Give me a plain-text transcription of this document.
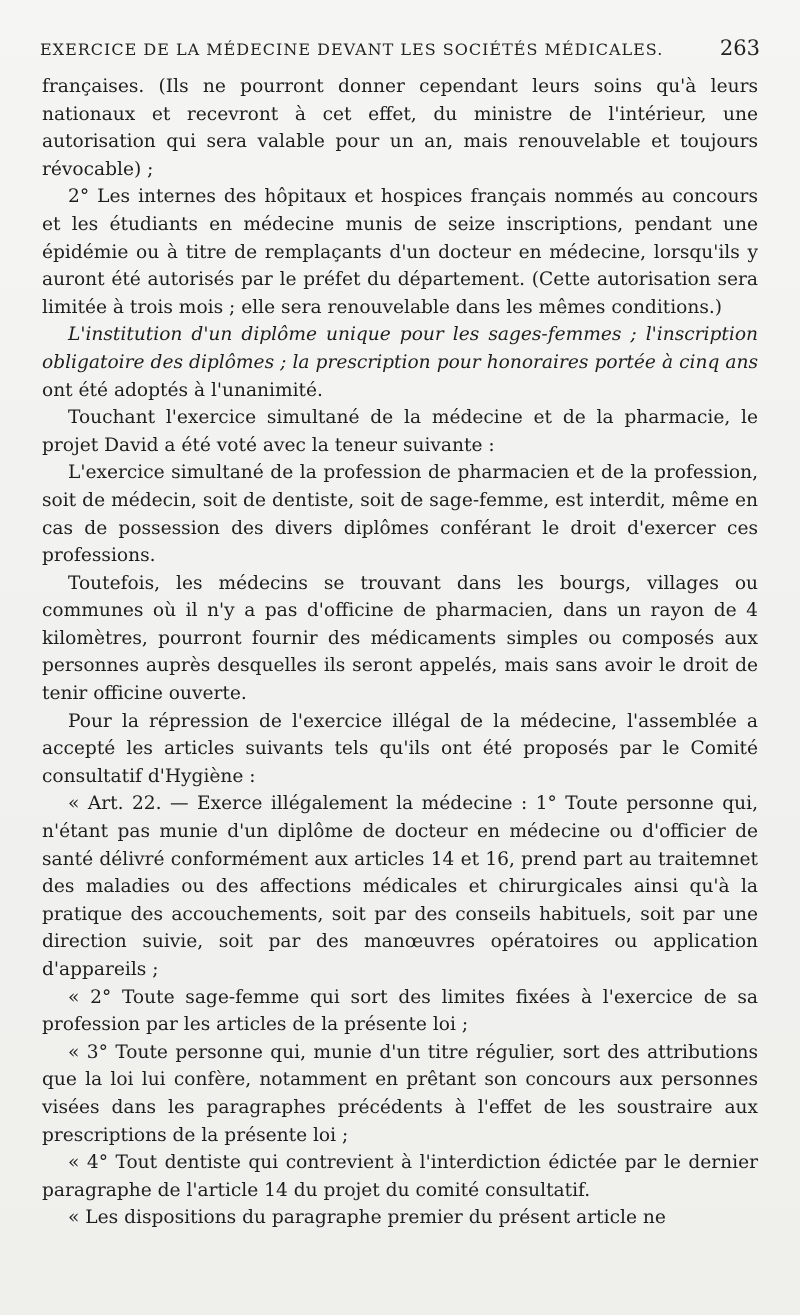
EXERCICE DE LA MÉDECINE DEVANT LES SOCIÉTÉS MÉDICALES.	263

françaises. (Ils ne pourront donner cependant leurs soins qu'à leurs nationaux et recevront à cet effet, du ministre de l'intérieur, une autorisation qui sera valable pour un an, mais renouvelable et toujours révocable) ;

2° Les internes des hôpitaux et hospices français nommés au concours et les étudiants en médecine munis de seize inscriptions, pendant une épidémie ou à titre de remplaçants d'un docteur en médecine, lorsqu'ils y auront été autorisés par le préfet du département. (Cette autorisation sera limitée à trois mois ; elle sera renouvelable dans les mêmes conditions.)

L'institution d'un diplôme unique pour les sages-femmes ; l'inscription obligatoire des diplômes ; la prescription pour honoraires portée à cinq ans ont été adoptés à l'unanimité.

Touchant l'exercice simultané de la médecine et de la pharmacie, le projet David a été voté avec la teneur suivante :

L'exercice simultané de la profession de pharmacien et de la profession, soit de médecin, soit de dentiste, soit de sage-femme, est interdit, même en cas de possession des divers diplômes conférant le droit d'exercer ces professions.

Toutefois, les médecins se trouvant dans les bourgs, villages ou communes où il n'y a pas d'officine de pharmacien, dans un rayon de 4 kilomètres, pourront fournir des médicaments simples ou composés aux personnes auprès desquelles ils seront appelés, mais sans avoir le droit de tenir officine ouverte.

Pour la répression de l'exercice illégal de la médecine, l'assemblée a accepté les articles suivants tels qu'ils ont été proposés par le Comité consultatif d'Hygiène :

« Art. 22. — Exerce illégalement la médecine : 1° Toute personne qui, n'étant pas munie d'un diplôme de docteur en médecine ou d'officier de santé délivré conformément aux articles 14 et 16, prend part au traitemnet des maladies ou des affections médicales et chirurgicales ainsi qu'à la pratique des accouchements, soit par des conseils habituels, soit par une direction suivie, soit par des manœuvres opératoires ou application d'appareils ;

« 2° Toute sage-femme qui sort des limites fixées à l'exercice de sa profession par les articles de la présente loi ;

« 3° Toute personne qui, munie d'un titre régulier, sort des attributions que la loi lui confère, notamment en prêtant son concours aux personnes visées dans les paragraphes précédents à l'effet de les soustraire aux prescriptions de la présente loi ;

« 4° Tout dentiste qui contrevient à l'interdiction édictée par le dernier paragraphe de l'article 14 du projet du comité consultatif.

« Les dispositions du paragraphe premier du présent article ne
